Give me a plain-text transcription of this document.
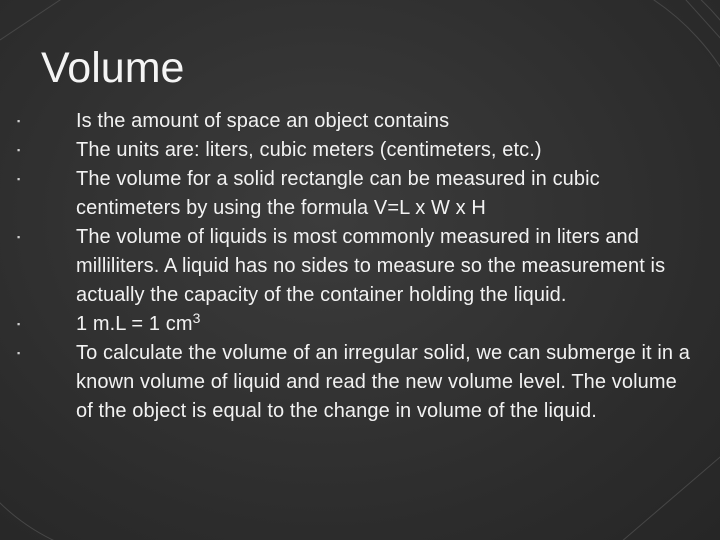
Volume
▪	Is the amount of space an object contains
▪	The units are: liters, cubic meters (centimeters, etc.)
▪	The volume for a solid rectangle can be measured in cubic centimeters by using the formula V=L x W x H
▪	The volume of liquids is most commonly measured in liters and milliliters. A liquid has no sides to measure so the measurement is actually the capacity of the container holding the liquid.
▪	1 m.L = 1 $cm^3$
▪	To calculate the volume of an irregular solid, we can submerge it in a known volume of liquid and read the new volume level. The volume of the object is equal to the change in volume of the liquid.
